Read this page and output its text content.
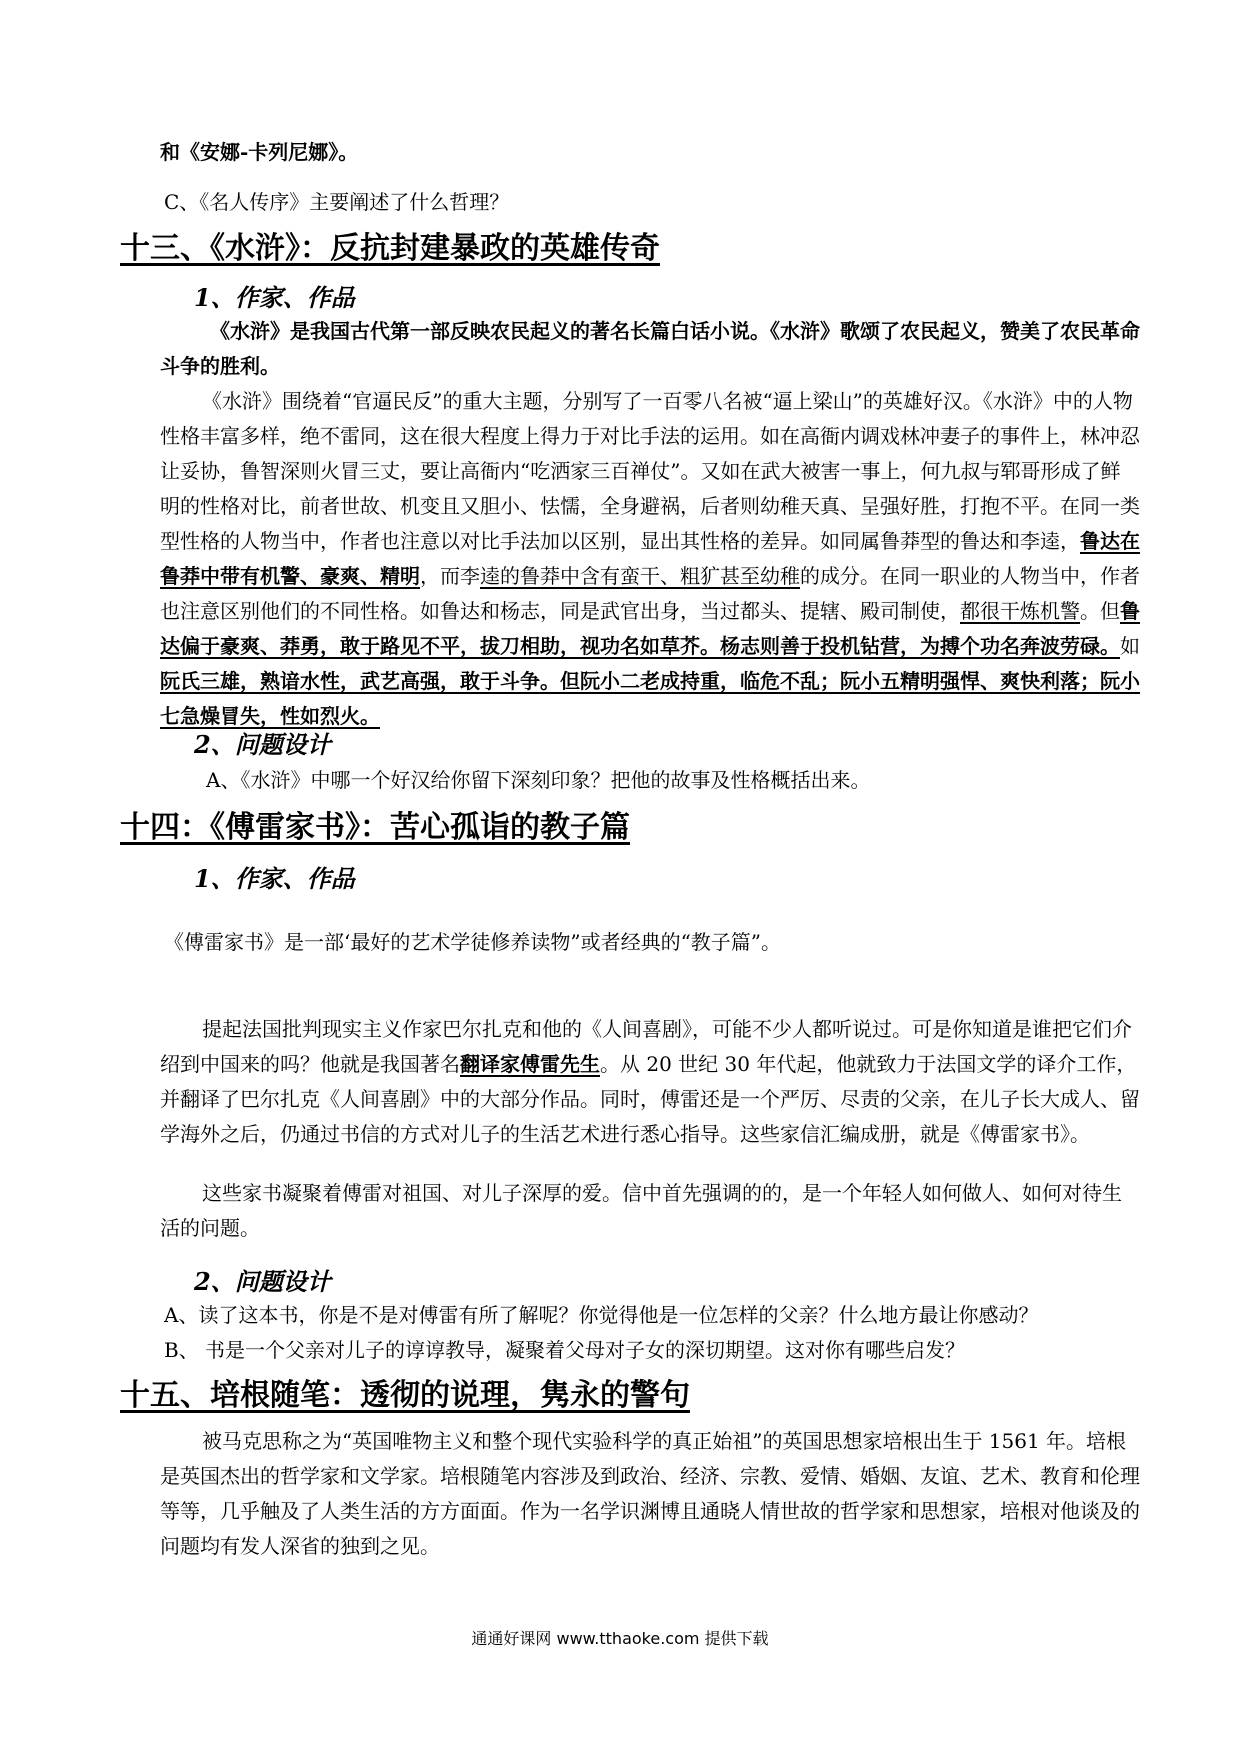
和《安娜-卡列尼娜》。

C、《名人传序》主要阐述了什么哲理？

十三、《水浒》：反抗封建暴政的英雄传奇
1、作家、作品

《水浒》是我国古代第一部反映农民起义的著名长篇白话小说。《水浒》歌颂了农民起义，赞美了农民革命斗争的胜利。

《水浒》围绕着“官逼民反”的重大主题，分别写了一百零八名被“逼上梁山”的英雄好汉。《水浒》中的人物性格丰富多样，绝不雷同，这在很大程度上得力于对比手法的运用。如在高衙内调戏林冲妻子的事件上，林冲忍让妥协，鲁智深则火冒三丈，要让高衙内“吃洒家三百禅仗”。又如在武大被害一事上，何九叔与郓哥形成了鲜明的性格对比，前者世故、机变且又胆小、怯懦，全身避祸，后者则幼稚天真、呈强好胜，打抱不平。在同一类型性格的人物当中，作者也注意以对比手法加以区别，显出其性格的差异。如同属鲁莽型的鲁达和李逵，鲁达在鲁莽中带有机警、豪爽、精明，而李逵的鲁莽中含有蛮干、粗犷甚至幼稚的成分。在同一职业的人物当中，作者也注意区别他们的不同性格。如鲁达和杨志，同是武官出身，当过都头、提辖、殿司制使，都很干炼机警。但鲁达偏于豪爽、莽勇，敢于路见不平，拔刀相助，视功名如草芥。杨志则善于投机钻营，为搏个功名奔波劳碌。如阮氏三雄，熟谙水性，武艺高强，敢于斗争。但阮小二老成持重，临危不乱；阮小五精明强悍、爽快利落；阮小七急燥冒失，性如烈火。

2、问题设计

A、《水浒》中哪一个好汉给你留下深刻印象？把他的故事及性格概括出来。

十四：《傅雷家书》：苦心孤诣的教子篇
1、作家、作品

《傅雷家书》是一部‘最好的艺术学徒修养读物”或者经典的“教子篇”。

提起法国批判现实主义作家巴尔扎克和他的《人间喜剧》，可能不少人都听说过。可是你知道是谁把它们介绍到中国来的吗？他就是我国著名翻译家傅雷先生。从 20 世纪 30 年代起，他就致力于法国文学的译介工作，并翻译了巴尔扎克《人间喜剧》中的大部分作品。同时，傅雷还是一个严厉、尽责的父亲，在儿子长大成人、留学海外之后，仍通过书信的方式对儿子的生活艺术进行悉心指导。这些家信汇编成册，就是《傅雷家书》。

这些家书凝聚着傅雷对祖国、对儿子深厚的爱。信中首先强调的的，是一个年轻人如何做人、如何对待生活的问题。

2、问题设计

A、读了这本书，你是不是对傅雷有所了解呢？你觉得他是一位怎样的父亲？什么地方最让你感动？

B、 书是一个父亲对儿子的谆谆教导，凝聚着父母对子女的深切期望。这对你有哪些启发？

十五、培根随笔：透彻的说理，隽永的警句

被马克思称之为“英国唯物主义和整个现代实验科学的真正始祖”的英国思想家培根出生于 1561 年。培根是英国杰出的哲学家和文学家。培根随笔内容涉及到政治、经济、宗教、爱情、婚姻、友谊、艺术、教育和伦理等等，几乎触及了人类生活的方方面面。作为一名学识渊博且通晓人情世故的哲学家和思想家，培根对他谈及的问题均有发人深省的独到之见。

通通好课网 www.tthaoke.com 提供下载
